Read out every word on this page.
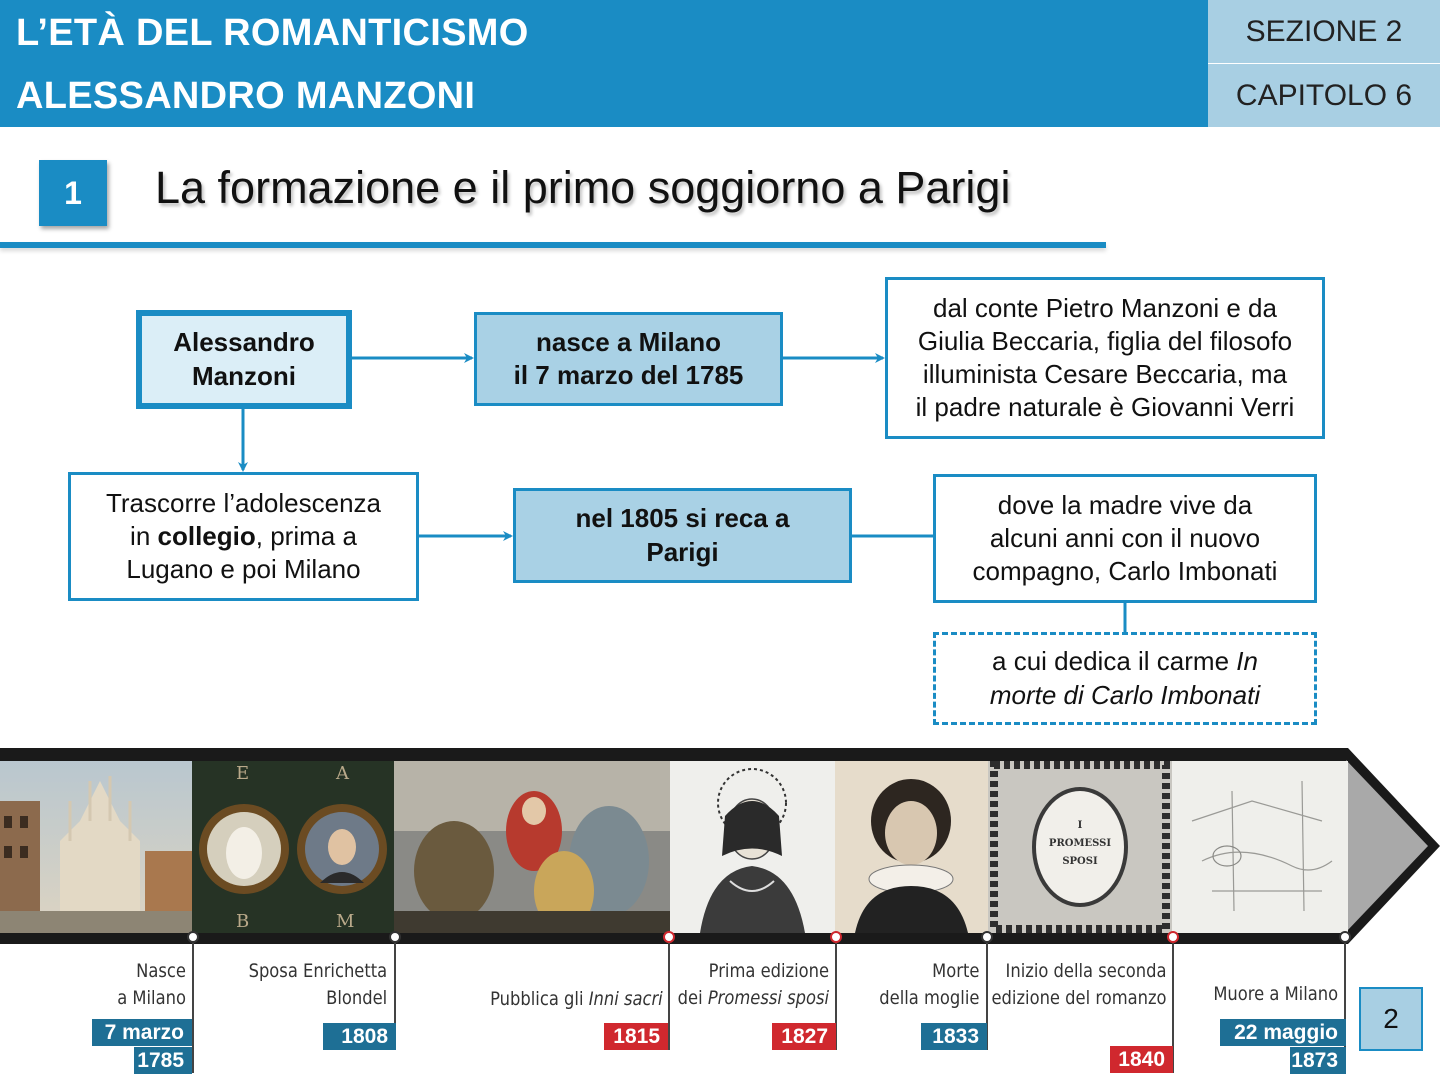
L’ETÀ DEL ROMANTICISMO
ALESSANDRO MANZONI
SEZIONE 2
CAPITOLO 6
1	La formazione e il primo soggiorno a Parigi
Alessandro
Manzoni
nasce a Milano
il 7 marzo del 1785
dal conte Pietro Manzoni e da
Giulia Beccaria, figlia del filosofo
illuminista Cesare Beccaria, ma
il padre naturale è Giovanni Verri
Trascorre l’adolescenza
in collegio, prima a
Lugano e poi Milano
nel 1805 si reca a
Parigi
dove la madre vive da
alcuni anni con il nuovo
compagno, Carlo Imbonati
a cui dedica il carme In
morte di Carlo Imbonati
E	A
B	M
I
PROMESSI
SPOSI
Nasce
a Milano
7 marzo
1785
Sposa Enrichetta
Blondel
1808
Pubblica gli Inni sacri
1815
Prima edizione
dei Promessi sposi
1827
Morte
della moglie
1833
Inizio della seconda
edizione del romanzo
1840
Muore a Milano
22 maggio
1873
2
